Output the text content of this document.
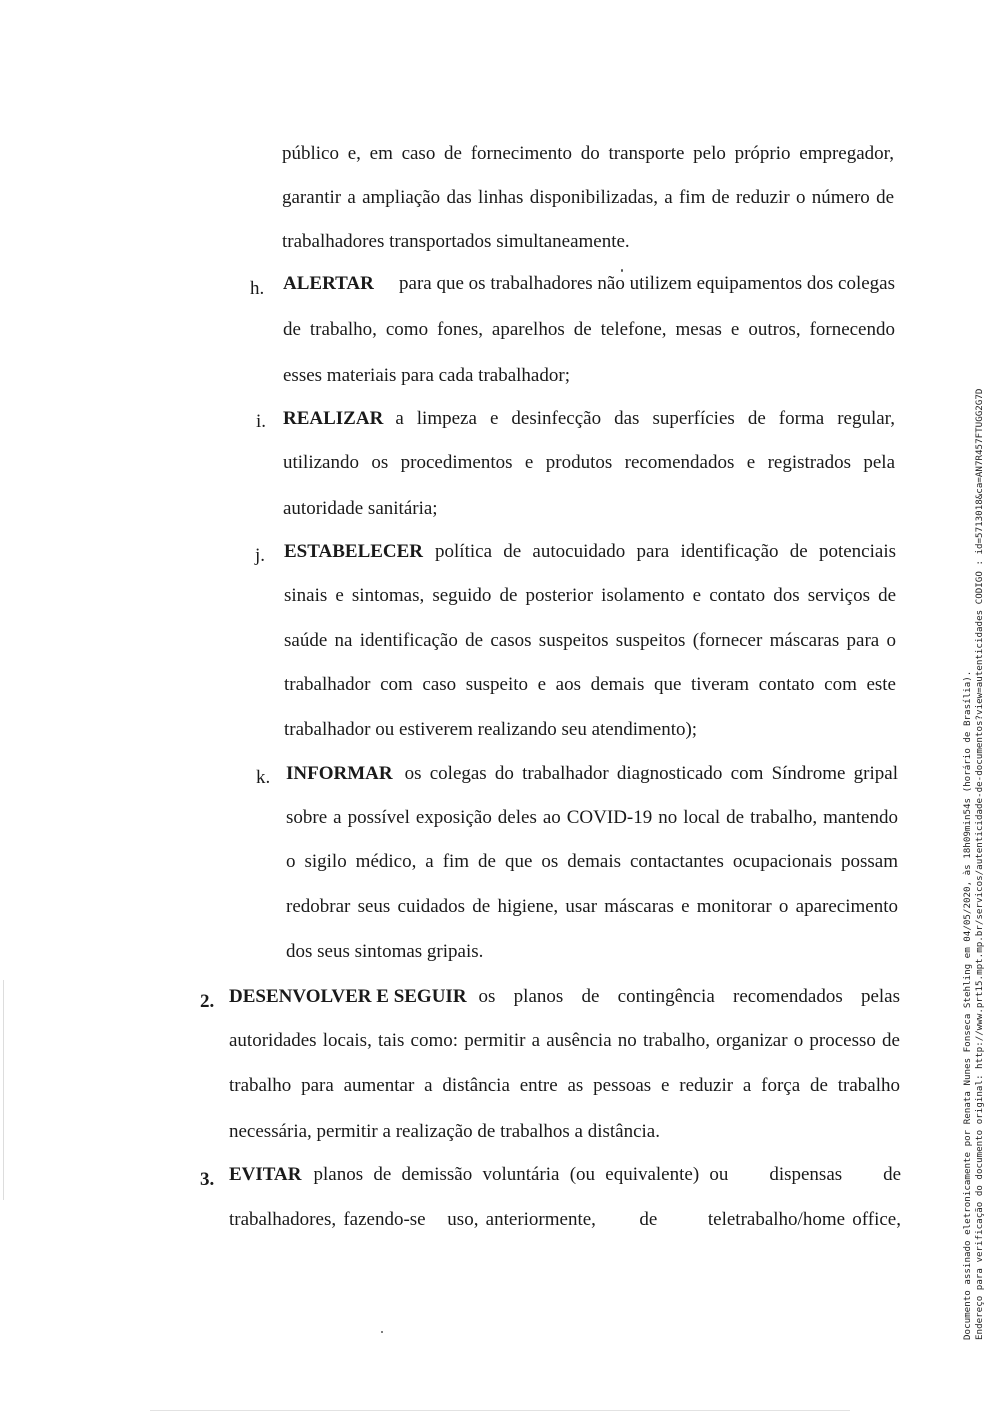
público e, em caso de fornecimento do transporte pelo próprio empregador,
garantir a ampliação das linhas disponibilizadas, a fim de reduzir o número de
trabalhadores transportados simultaneamente.
h. ALERTAR para que os trabalhadores não utilizem equipamentos dos colegas
de trabalho, como fones, aparelhos de telefone, mesas e outros, fornecendo
esses materiais para cada trabalhador;
i. REALIZAR a limpeza e desinfecção das superfícies de forma regular,
utilizando os procedimentos e produtos recomendados e registrados pela
autoridade sanitária;
j. ESTABELECER política de autocuidado para identificação de potenciais
sinais e sintomas, seguido de posterior isolamento e contato dos serviços de
saúde na identificação de casos suspeitos suspeitos (fornecer máscaras para o
trabalhador com caso suspeito e aos demais que tiveram contato com este
trabalhador ou estiverem realizando seu atendimento);
k. INFORMAR os colegas do trabalhador diagnosticado com Síndrome gripal
sobre a possível exposição deles ao COVID-19 no local de trabalho, mantendo
o sigilo médico, a fim de que os demais contactantes ocupacionais possam
redobrar seus cuidados de higiene, usar máscaras e monitorar o aparecimento
dos seus sintomas gripais.
2. DESENVOLVER E SEGUIR os planos de contingência recomendados pelas
autoridades locais, tais como: permitir a ausência no trabalho, organizar o processo de
trabalho para aumentar a distância entre as pessoas e reduzir a força de trabalho
necessária, permitir a realização de trabalhos a distância.
3. EVITAR planos de demissão voluntária (ou equivalente) ou    dispensas    de
trabalhadores, fazendo-se   uso, anteriormente,      de       teletrabalho/home office,	Documento assinado eletronicamente por Renata Nunes Fonseca Stehling em 04/05/2020, às 18h09min54s (horário de Brasília). Endereço para verificação do documento original: http://www.prt15.mpt.mp.br/servicos/autenticidade-de-documentos?view=autenticidades CODIGO : id=5713018&ca=AN7R457FTUGG2G7D
